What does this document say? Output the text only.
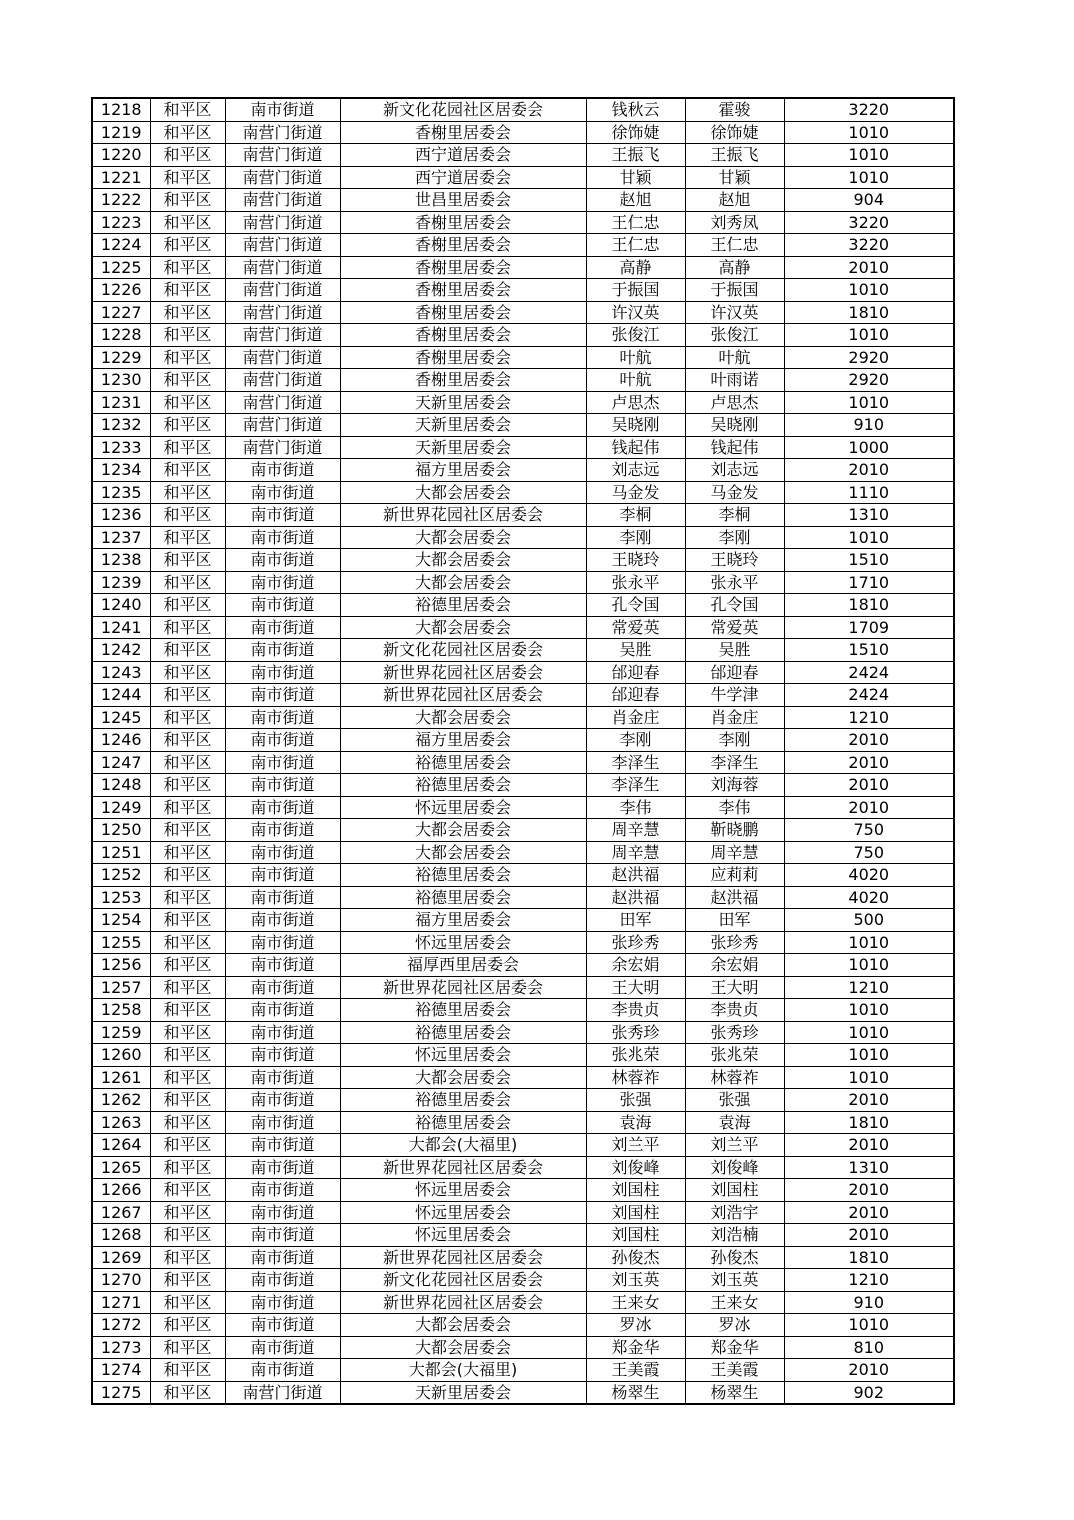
1218	和平区	南市街道	新文化花园社区居委会	钱秋云	霍骏	3220
1219	和平区	南营门街道	香榭里居委会	徐饰婕	徐饰婕	1010
1220	和平区	南营门街道	西宁道居委会	王振飞	王振飞	1010
1221	和平区	南营门街道	西宁道居委会	甘颖	甘颖	1010
1222	和平区	南营门街道	世昌里居委会	赵旭	赵旭	904
1223	和平区	南营门街道	香榭里居委会	王仁忠	刘秀凤	3220
1224	和平区	南营门街道	香榭里居委会	王仁忠	王仁忠	3220
1225	和平区	南营门街道	香榭里居委会	高静	高静	2010
1226	和平区	南营门街道	香榭里居委会	于振国	于振国	1010
1227	和平区	南营门街道	香榭里居委会	许汉英	许汉英	1810
1228	和平区	南营门街道	香榭里居委会	张俊江	张俊江	1010
1229	和平区	南营门街道	香榭里居委会	叶航	叶航	2920
1230	和平区	南营门街道	香榭里居委会	叶航	叶雨诺	2920
1231	和平区	南营门街道	天新里居委会	卢思杰	卢思杰	1010
1232	和平区	南营门街道	天新里居委会	吴晓刚	吴晓刚	910
1233	和平区	南营门街道	天新里居委会	钱起伟	钱起伟	1000
1234	和平区	南市街道	福方里居委会	刘志远	刘志远	2010
1235	和平区	南市街道	大都会居委会	马金发	马金发	1110
1236	和平区	南市街道	新世界花园社区居委会	李桐	李桐	1310
1237	和平区	南市街道	大都会居委会	李刚	李刚	1010
1238	和平区	南市街道	大都会居委会	王晓玲	王晓玲	1510
1239	和平区	南市街道	大都会居委会	张永平	张永平	1710
1240	和平区	南市街道	裕德里居委会	孔令国	孔令国	1810
1241	和平区	南市街道	大都会居委会	常爱英	常爱英	1709
1242	和平区	南市街道	新文化花园社区居委会	吴胜	吴胜	1510
1243	和平区	南市街道	新世界花园社区居委会	邰迎春	邰迎春	2424
1244	和平区	南市街道	新世界花园社区居委会	邰迎春	牛学津	2424
1245	和平区	南市街道	大都会居委会	肖金庄	肖金庄	1210
1246	和平区	南市街道	福方里居委会	李刚	李刚	2010
1247	和平区	南市街道	裕德里居委会	李泽生	李泽生	2010
1248	和平区	南市街道	裕德里居委会	李泽生	刘海蓉	2010
1249	和平区	南市街道	怀远里居委会	李伟	李伟	2010
1250	和平区	南市街道	大都会居委会	周辛慧	靳晓鹏	750
1251	和平区	南市街道	大都会居委会	周辛慧	周辛慧	750
1252	和平区	南市街道	裕德里居委会	赵洪福	应莉莉	4020
1253	和平区	南市街道	裕德里居委会	赵洪福	赵洪福	4020
1254	和平区	南市街道	福方里居委会	田军	田军	500
1255	和平区	南市街道	怀远里居委会	张珍秀	张珍秀	1010
1256	和平区	南市街道	福厚西里居委会	余宏娟	余宏娟	1010
1257	和平区	南市街道	新世界花园社区居委会	王大明	王大明	1210
1258	和平区	南市街道	裕德里居委会	李贵贞	李贵贞	1010
1259	和平区	南市街道	裕德里居委会	张秀珍	张秀珍	1010
1260	和平区	南市街道	怀远里居委会	张兆荣	张兆荣	1010
1261	和平区	南市街道	大都会居委会	林蓉祚	林蓉祚	1010
1262	和平区	南市街道	裕德里居委会	张强	张强	2010
1263	和平区	南市街道	裕德里居委会	袁海	袁海	1810
1264	和平区	南市街道	大都会(大福里)	刘兰平	刘兰平	2010
1265	和平区	南市街道	新世界花园社区居委会	刘俊峰	刘俊峰	1310
1266	和平区	南市街道	怀远里居委会	刘国柱	刘国柱	2010
1267	和平区	南市街道	怀远里居委会	刘国柱	刘浩宇	2010
1268	和平区	南市街道	怀远里居委会	刘国柱	刘浩楠	2010
1269	和平区	南市街道	新世界花园社区居委会	孙俊杰	孙俊杰	1810
1270	和平区	南市街道	新文化花园社区居委会	刘玉英	刘玉英	1210
1271	和平区	南市街道	新世界花园社区居委会	王来女	王来女	910
1272	和平区	南市街道	大都会居委会	罗冰	罗冰	1010
1273	和平区	南市街道	大都会居委会	郑金华	郑金华	810
1274	和平区	南市街道	大都会(大福里)	王美霞	王美霞	2010
1275	和平区	南营门街道	天新里居委会	杨翠生	杨翠生	902
